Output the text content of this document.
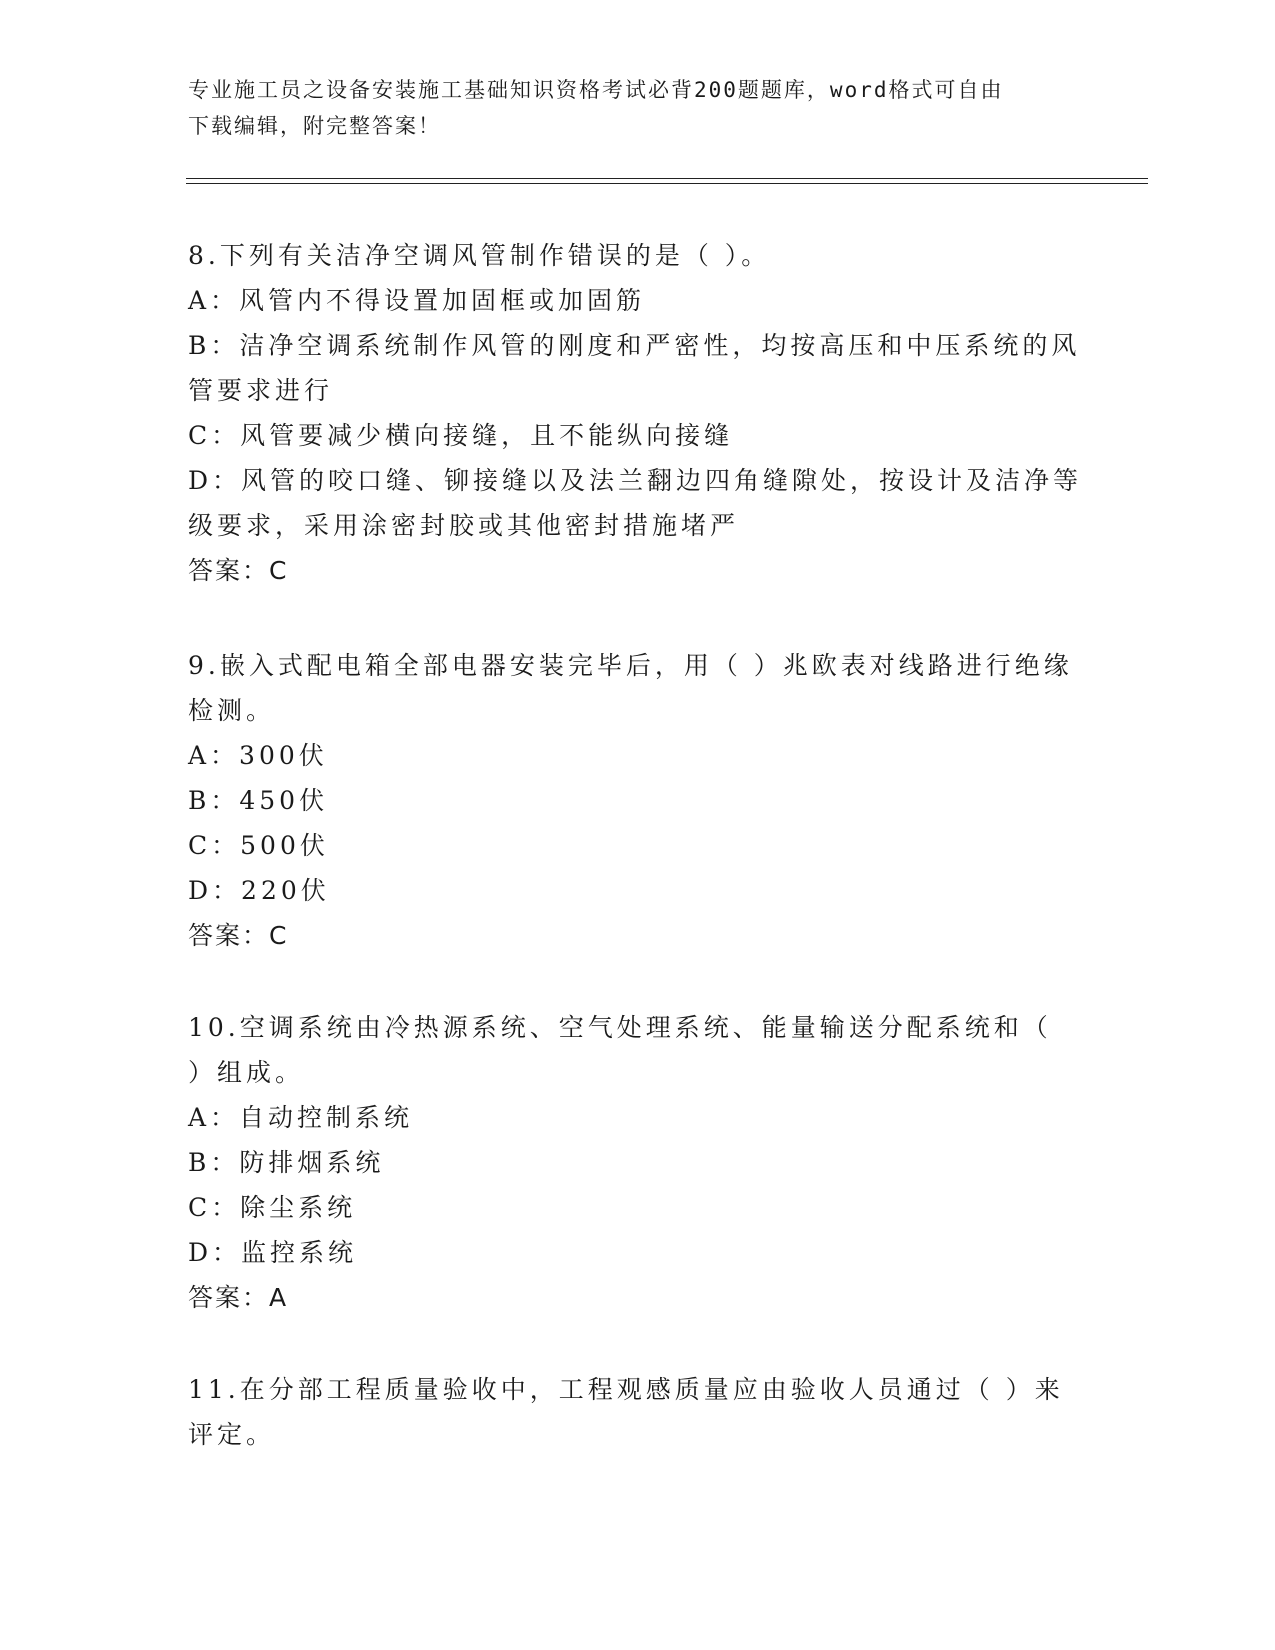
专业施工员之设备安装施工基础知识资格考试必背200题题库，word格式可自由
下载编辑，附完整答案！
8.下列有关洁净空调风管制作错误的是（ ）。
A：风管内不得设置加固框或加固筋
B：洁净空调系统制作风管的刚度和严密性，均按高压和中压系统的风
管要求进行
C：风管要减少横向接缝，且不能纵向接缝
D：风管的咬口缝、铆接缝以及法兰翻边四角缝隙处，按设计及洁净等
级要求，采用涂密封胶或其他密封措施堵严
答案：C
9.嵌入式配电箱全部电器安装完毕后，用（ ）兆欧表对线路进行绝缘
检测。
A：300伏
B：450伏
C：500伏
D：220伏
答案：C
10.空调系统由冷热源系统、空气处理系统、能量输送分配系统和（
）组成。
A：自动控制系统
B：防排烟系统
C：除尘系统
D：监控系统
答案：A
11.在分部工程质量验收中，工程观感质量应由验收人员通过（ ）来
评定。
